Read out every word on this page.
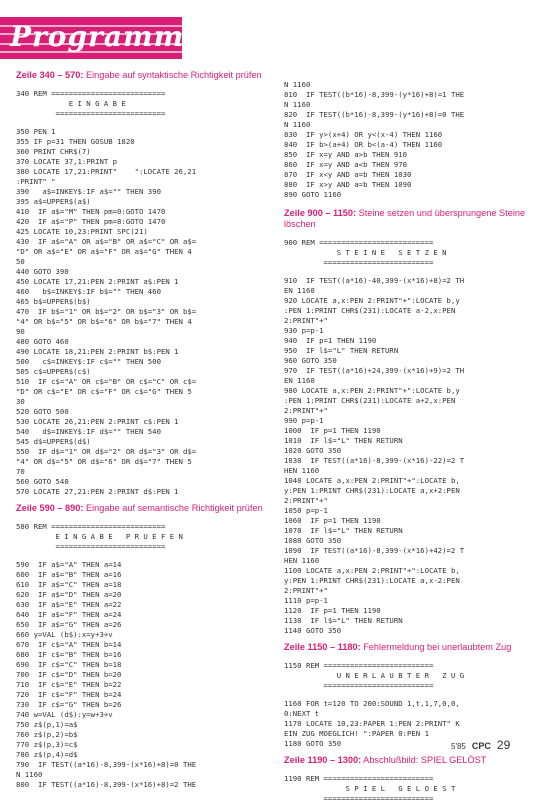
Programme
Zeile 340 – 570: Eingabe auf syntaktische Richtigkeit prüfen
340 REM ==========================
E I N G A B E
=========================
350 PEN 1
355 IF p=31 THEN GOSUB 1820
360 PRINT CHR$(7)
370 LOCATE 37,1:PRINT p
380 LOCATE 17,21:PRINT"    ":LOCATE 26,21
:PRINT" "
390   a$=INKEY$:IF a$="" THEN 390
395 a$=UPPER$(a$)
410  IF a$="M" THEN pm=0:GOTO 1470
420  IF a$="P" THEN pm=8:GOTO 1470
425 LOCATE 10,23:PRINT SPC(21)
430  IF a$="A" OR a$="B" OR a$="C" OR a$=
"D" OR a$="E" OR a$="F" OR a$="G" THEN 4
50
440 GOTO 390
450 LOCATE 17,21:PEN 2:PRINT a$:PEN 1
460   b$=INKEY$:IF b$="" THEN 460
465 b$=UPPER$(b$)
470  IF b$="1" OR b$="2" OR b$="3" OR b$=
"4" OR b$="5" OR b$="6" OR b$="7" THEN 4
90
480 GOTO 460
490 LOCATE 18,21:PEN 2:PRINT b$:PEN 1
500   c$=INKEY$:IF c$="" THEN 500
505 c$=UPPER$(c$)
510  IF c$="A" OR c$="B" OR c$="C" OR c$=
"D" OR c$="E" OR c$="F" OR c$="G" THEN 5
30
520 GOTO 500
530 LOCATE 26,21:PEN 2:PRINT c$:PEN 1
540   d$=INKEY$:IF d$="" THEN 540
545 d$=UPPER$(d$)
550  IF d$="1" OR d$="2" OR d$="3" OR d$=
"4" OR d$="5" OR d$="6" OR d$="7" THEN 5
70
560 GOTO 540
570 LOCATE 27,21:PEN 2:PRINT d$:PEN 1
Zeile 590 – 890: Eingabe auf semantische Richtigkeit prüfen
580 REM ==========================
E I N G A B E   P R U E F E N
=========================
590  IF a$="A" THEN a=14
600  IF a$="B" THEN a=16
610  IF a$="C" THEN a=18
620  IF a$="D" THEN a=20
630  IF a$="E" THEN a=22
640  IF a$="F" THEN a=24
650  IF a$="G" THEN a=26
660 y=VAL (b$):x=y+3+v
670  IF c$="A" THEN b=14
680  IF c$="B" THEN b=16
690  IF c$="C" THEN b=18
700  IF c$="D" THEN b=20
710  IF c$="E" THEN b=22
720  IF c$="F" THEN b=24
730  IF c$="G" THEN b=26
740 w=VAL (d$):y=w+3+v
750 z$(p,1)=a$
760 z$(p,2)=b$
770 z$(p,3)=c$
780 z$(p,4)=d$
790  IF TEST((a*16)-8,399-(x*16)+8)=0 THE
N 1160
800  IF TEST((a*16)-8,399-(x*16)+8)=2 THE
N 1160
810  IF TEST((b*16)-8,399-(y*16)+8)=1 THE
N 1160
820  IF TEST((b*16)-8,399-(y*16)+8)=0 THE
N 1160
830  IF y>(x+4) OR y<(x-4) THEN 1160
840  IF b>(a+4) OR b<(a-4) THEN 1160
850  IF x=y AND a>b THEN 910
860  IF x=y AND a<b THEN 970
870  IF x<y AND a=b THEN 1030
880  IF x>y AND a=b THEN 1090
890 GOTO 1160
Zeile 900 – 1150: Steine setzen und übersprungene Steine löschen
900 REM ==========================
S T E I N E   S E T Z E N
=========================
910  IF TEST((a*16)-40,399-(x*16)+8)=2 TH
EN 1160
920 LOCATE a,x:PEN 2:PRINT"+":LOCATE b,y
:PEN 1:PRINT CHR$(231):LOCATE a-2,x:PEN
2:PRINT"+"
930 p=p-1
940  IF p=1 THEN 1190
950  IF l$="L" THEN RETURN
960 GOTO 350
970  IF TEST((a*16)+24,399-(x*16)+9)=2 TH
EN 1160
980 LOCATE a,x:PEN 2:PRINT"+":LOCATE b,y
:PEN 1:PRINT CHR$(231):LOCATE a+2,x:PEN
2:PRINT"+"
990 p=p-1
1000  IF p=1 THEN 1190
1010  IF l$="L" THEN RETURN
1020 GOTO 350
1030  IF TEST((a*16)-8,399-(x*16)-22)=2 T
HEN 1160
1040 LOCATE a,x:PEN 2:PRINT"+":LOCATE b,
y:PEN 1:PRINT CHR$(231):LOCATE a,x+2:PEN
2:PRINT"+"
1050 p=p-1
1060  IF p=1 THEN 1190
1070  IF l$="L" THEN RETURN
1080 GOTO 350
1090  IF TEST((a*16)-8,399-(x*16)+42)=2 T
HEN 1160
1100 LOCATE a,x:PEN 2:PRINT"+":LOCATE b,
y:PEN 1:PRINT CHR$(231):LOCATE a,x-2:PEN
2:PRINT"+"
1110 p=p-1
1120  IF p=1 THEN 1190
1130  IF l$="L" THEN RETURN
1140 GOTO 350
Zeile 1150 – 1180: Fehlermeldung bei unerlaubtem Zug
1150 REM =========================
U N E R L A U B T E R   Z U G
=========================
1160 FOR t=120 TO 200:SOUND 1,t,1,7,0,0,
0:NEXT t
1170 LOCATE 10,23:PAPER 1:PEN 2:PRINT" K
EIN ZUG MOEGLICH! ":PAPER 0:PEN 1
1180 GOTO 350
Zeile 1190 – 1300: Abschlußbild: SPIEL GELÖST
1190 REM =========================
S P I E L   G E L O E S T
=========================
5'85 CPC 29
